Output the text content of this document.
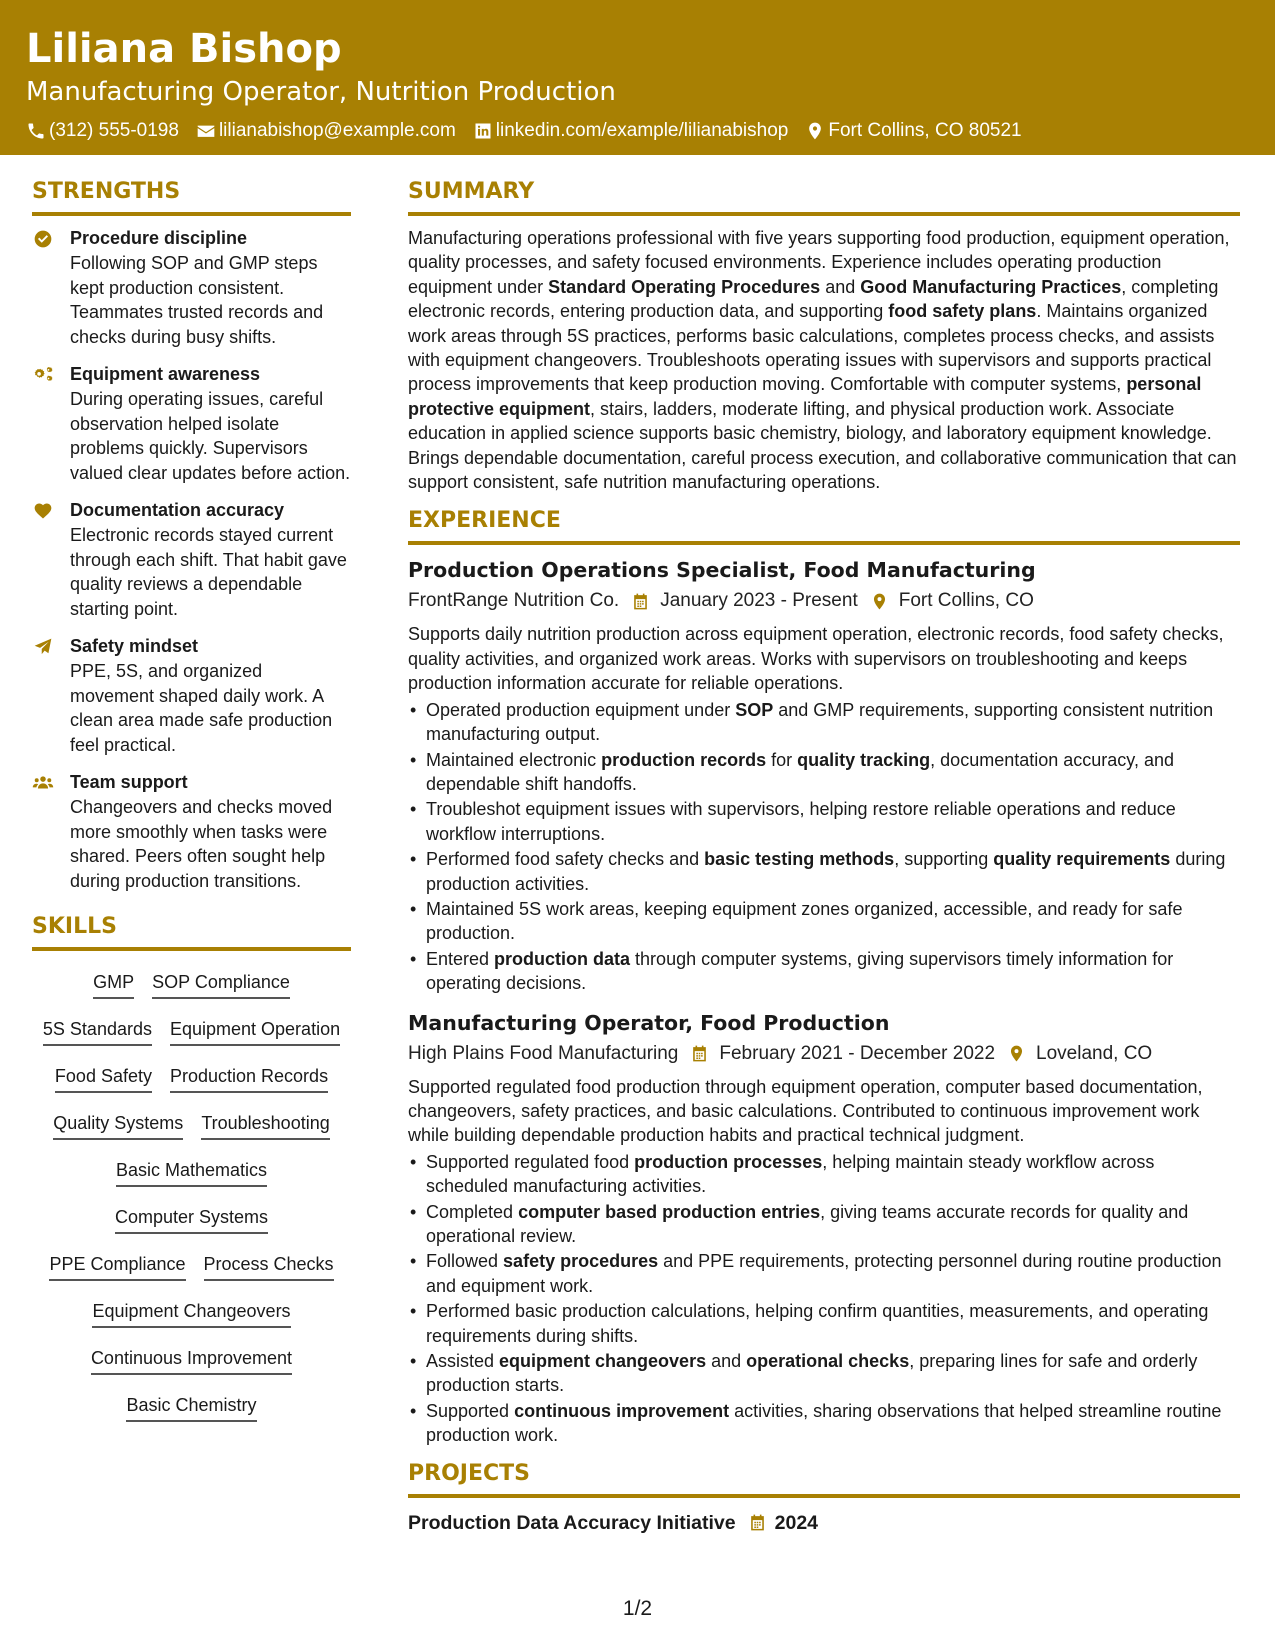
Liliana Bishop
Manufacturing Operator, Nutrition Production
(312) 555-0198 lilianabishop@example.com linkedin.com/example/lilianabishop Fort Collins, CO 80521
STRENGTHS
Procedure discipline
Following SOP and GMP steps kept production consistent. Teammates trusted records and checks during busy shifts.
Equipment awareness
During operating issues, careful observation helped isolate problems quickly. Supervisors valued clear updates before action.
Documentation accuracy
Electronic records stayed current through each shift. That habit gave quality reviews a dependable starting point.
Safety mindset
PPE, 5S, and organized movement shaped daily work. A clean area made safe production feel practical.
Team support
Changeovers and checks moved more smoothly when tasks were shared. Peers often sought help during production transitions.
SKILLS
GMP SOP Compliance
5S Standards Equipment Operation
Food Safety Production Records
Quality Systems Troubleshooting
Basic Mathematics
Computer Systems
PPE Compliance Process Checks
Equipment Changeovers
Continuous Improvement
Basic Chemistry
SUMMARY

Manufacturing operations professional with five years supporting food production, equipment operation, quality processes, and safety focused environments. Experience includes operating production equipment under Standard Operating Procedures and Good Manufacturing Practices, completing electronic records, entering production data, and supporting food safety plans. Maintains organized work areas through 5S practices, performs basic calculations, completes process checks, and assists with equipment changeovers. Troubleshoots operating issues with supervisors and supports practical process improvements that keep production moving. Comfortable with computer systems, personal protective equipment, stairs, ladders, moderate lifting, and physical production work. Associate education in applied science supports basic chemistry, biology, and laboratory equipment knowledge. Brings dependable documentation, careful process execution, and collaborative communication that can support consistent, safe nutrition manufacturing operations.

EXPERIENCE
Production Operations Specialist, Food Manufacturing
FrontRange Nutrition Co. January 2023 - Present Fort Collins, CO
Supports daily nutrition production across equipment operation, electronic records, food safety checks, quality activities, and organized work areas. Works with supervisors on troubleshooting and keeps production information accurate for reliable operations.
• Operated production equipment under SOP and GMP requirements, supporting consistent nutrition manufacturing output.
• Maintained electronic production records for quality tracking, documentation accuracy, and dependable shift handoffs.
• Troubleshot equipment issues with supervisors, helping restore reliable operations and reduce workflow interruptions.
• Performed food safety checks and basic testing methods, supporting quality requirements during production activities.
• Maintained 5S work areas, keeping equipment zones organized, accessible, and ready for safe production.
• Entered production data through computer systems, giving supervisors timely information for operating decisions.
Manufacturing Operator, Food Production
High Plains Food Manufacturing February 2021 - December 2022 Loveland, CO
Supported regulated food production through equipment operation, computer based documentation, changeovers, safety practices, and basic calculations. Contributed to continuous improvement work while building dependable production habits and practical technical judgment.
• Supported regulated food production processes, helping maintain steady workflow across scheduled manufacturing activities.
• Completed computer based production entries, giving teams accurate records for quality and operational review.
• Followed safety procedures and PPE requirements, protecting personnel during routine production and equipment work.
• Performed basic production calculations, helping confirm quantities, measurements, and operating requirements during shifts.
• Assisted equipment changeovers and operational checks, preparing lines for safe and orderly production starts.
• Supported continuous improvement activities, sharing observations that helped streamline routine production work.
PROJECTS
Production Data Accuracy Initiative 2024
1/2
